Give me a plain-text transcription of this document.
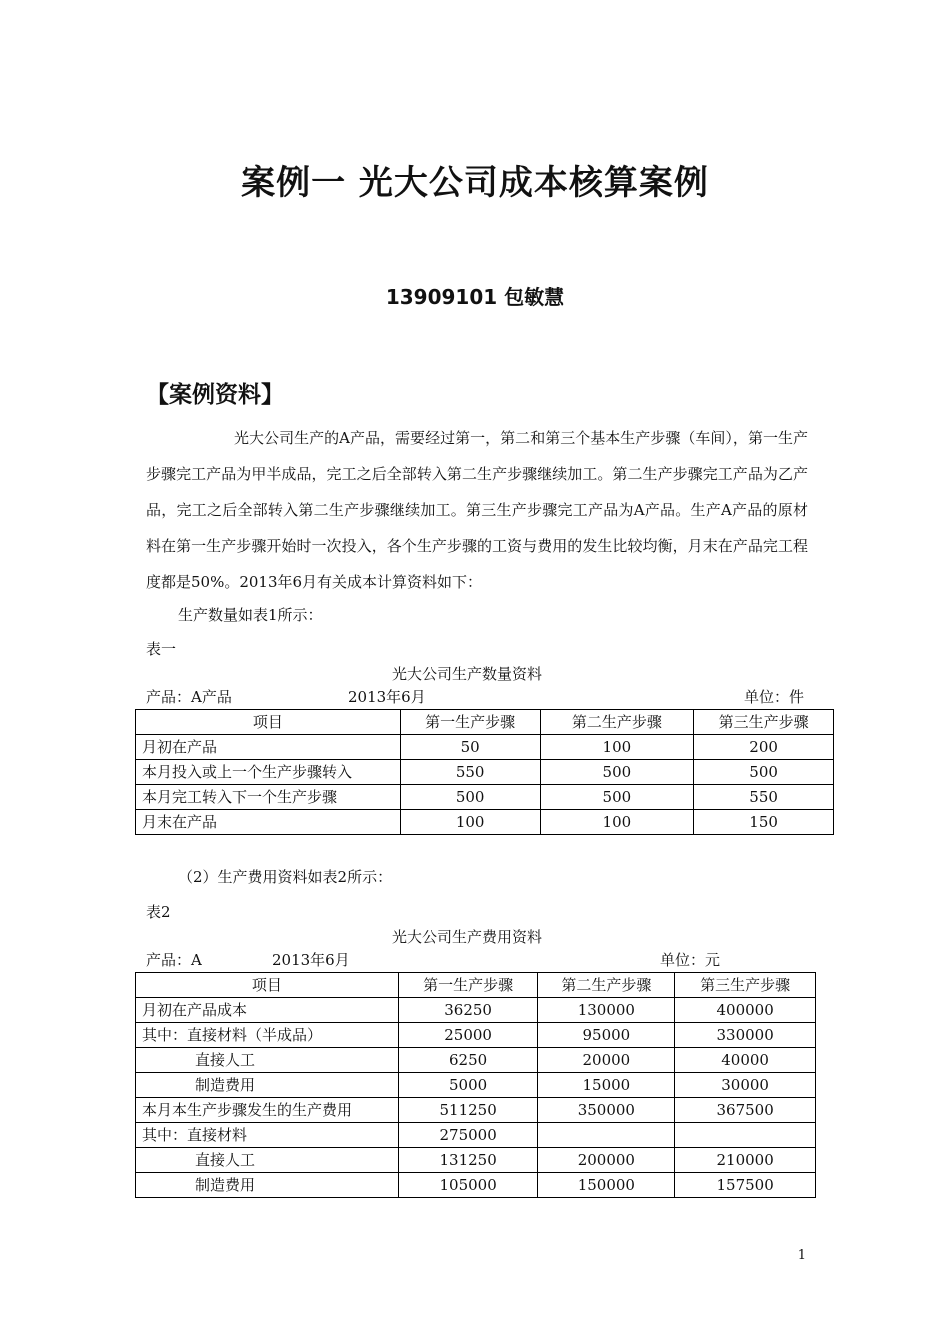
案例一 光大公司成本核算案例
13909101 包敏慧
【案例资料】
光大公司生产的A产品，需要经过第一，第二和第三个基本生产步骤（车间），第一生产步骤完工产品为甲半成品，完工之后全部转入第二生产步骤继续加工。第二生产步骤完工产品为乙产品，完工之后全部转入第二生产步骤继续加工。第三生产步骤完工产品为A产品。生产A产品的原材料在第一生产步骤开始时一次投入，各个生产步骤的工资与费用的发生比较均衡，月末在产品完工程度都是50%。2013年6月有关成本计算资料如下：
生产数量如表1所示：
表一
光大公司生产数量资料
产品：A产品	2013年6月	单位：件
项目	第一生产步骤	第二生产步骤	第三生产步骤
月初在产品	50	100	200
本月投入或上一个生产步骤转入	550	500	500
本月完工转入下一个生产步骤	500	500	550
月末在产品	100	100	150
（2）生产费用资料如表2所示：
表2
光大公司生产费用资料
产品：A	2013年6月	单位：元
项目	第一生产步骤	第二生产步骤	第三生产步骤
月初在产品成本	36250	130000	400000
其中：直接材料（半成品）	25000	95000	330000
直接人工	6250	20000	40000
制造费用	5000	15000	30000
本月本生产步骤发生的生产费用	511250	350000	367500
其中：直接材料	275000		
直接人工	131250	200000	210000
制造费用	105000	150000	157500
1
